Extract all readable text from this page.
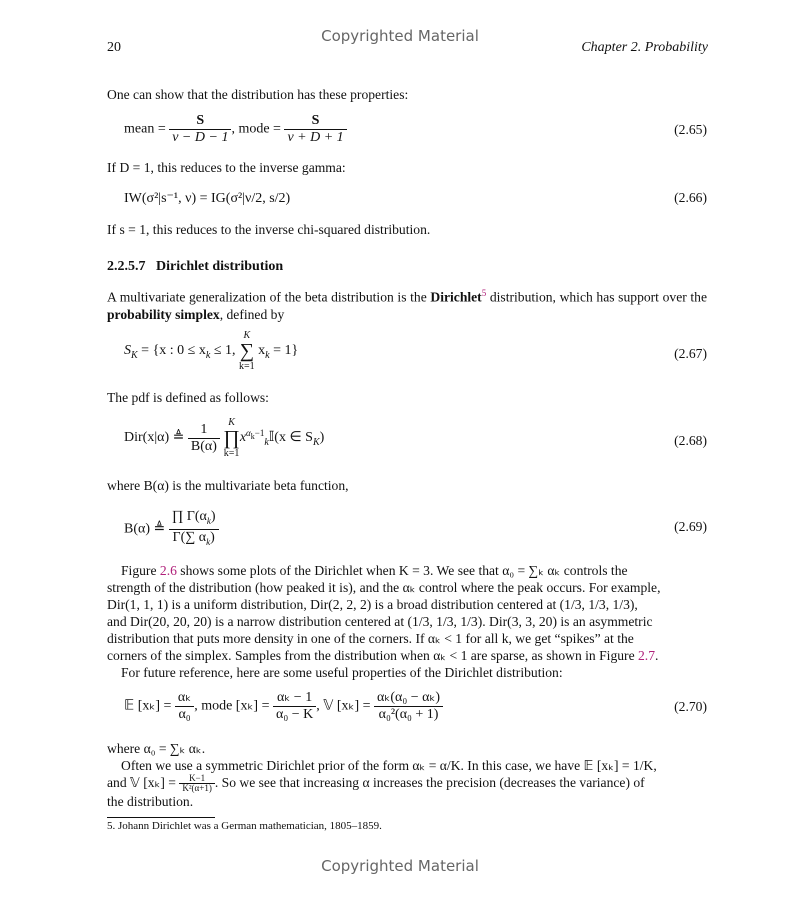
Copyrighted Material
20	Chapter 2. Probability
One can show that the distribution has these properties:
mean = $\frac{S}{\nu - D - 1}$ , mode = $\frac{S}{\nu + D + 1}$	(2.65)
If D = 1, this reduces to the inverse gamma:
IW(σ²|s⁻¹, ν) = IG(σ²|ν/2, s/2)	(2.66)
If s = 1, this reduces to the inverse chi-squared distribution.
2.2.5.7 Dirichlet distribution
A multivariate generalization of the beta distribution is the Dirichlet$^5$ distribution, which has support over the probability simplex, defined by
$S_K = \{x$ : $0 \le x_k \le 1$, K
∑
k=1 $x_k = 1$}	(2.67)
The pdf is defined as follows:
Dir(x|α) ≜ $\frac{1}{B(\alpha)}$ K
∏
$k=1x^{\alpha_k-1}_k𝕀(x$ ∈ $S_K$)	(2.68)
where B(α) is the multivariate beta function,
B(α) ≜ $\frac{\prod \Gamma(\alpha_k)}{\Gamma(\sum \alpha_k)}$	(2.69)
Figure 2.6 shows some plots of the Dirichlet when K = 3. We see that α₀ = ∑ₖ αₖ controls the
strength of the distribution (how peaked it is), and the αₖ control where the peak occurs. For example,
Dir(1, 1, 1) is a uniform distribution, Dir(2, 2, 2) is a broad distribution centered at (1/3, 1/3, 1/3),
and Dir(20, 20, 20) is a narrow distribution centered at (1/3, 1/3, 1/3). Dir(3, 3, 20) is an asymmetric
distribution that puts more density in one of the corners. If αₖ < 1 for all k, we get “spikes” at the
corners of the simplex. Samples from the distribution when αₖ < 1 are sparse, as shown in Figure 2.7.
For future reference, here are some useful properties of the Dirichlet distribution:
𝔼 $[x_k] = \frac{\text{αₖ}}{\text{α₀}}$ , mode $[x_k] = \frac{\text{αₖ − 1}}{\text{α₀ − K}}$ , 𝕍 $[x_k] = \frac{\text{αₖ(α₀ − αₖ)}}{\text{α₀²(α₀ + 1)}}$	(2.70)
where α₀ = ∑ₖ αₖ.
Often we use a symmetric Dirichlet prior of the form αₖ = α/K. In this case, we have 𝔼 [xₖ] = 1/K,
and 𝕍 $[x_k] = \frac{K-1}{\text{K²(α+1)}}$ . So we see that increasing α increases the precision (decreases the variance) of
the distribution.
5. Johann Dirichlet was a German mathematician, 1805–1859.
Copyrighted Material
